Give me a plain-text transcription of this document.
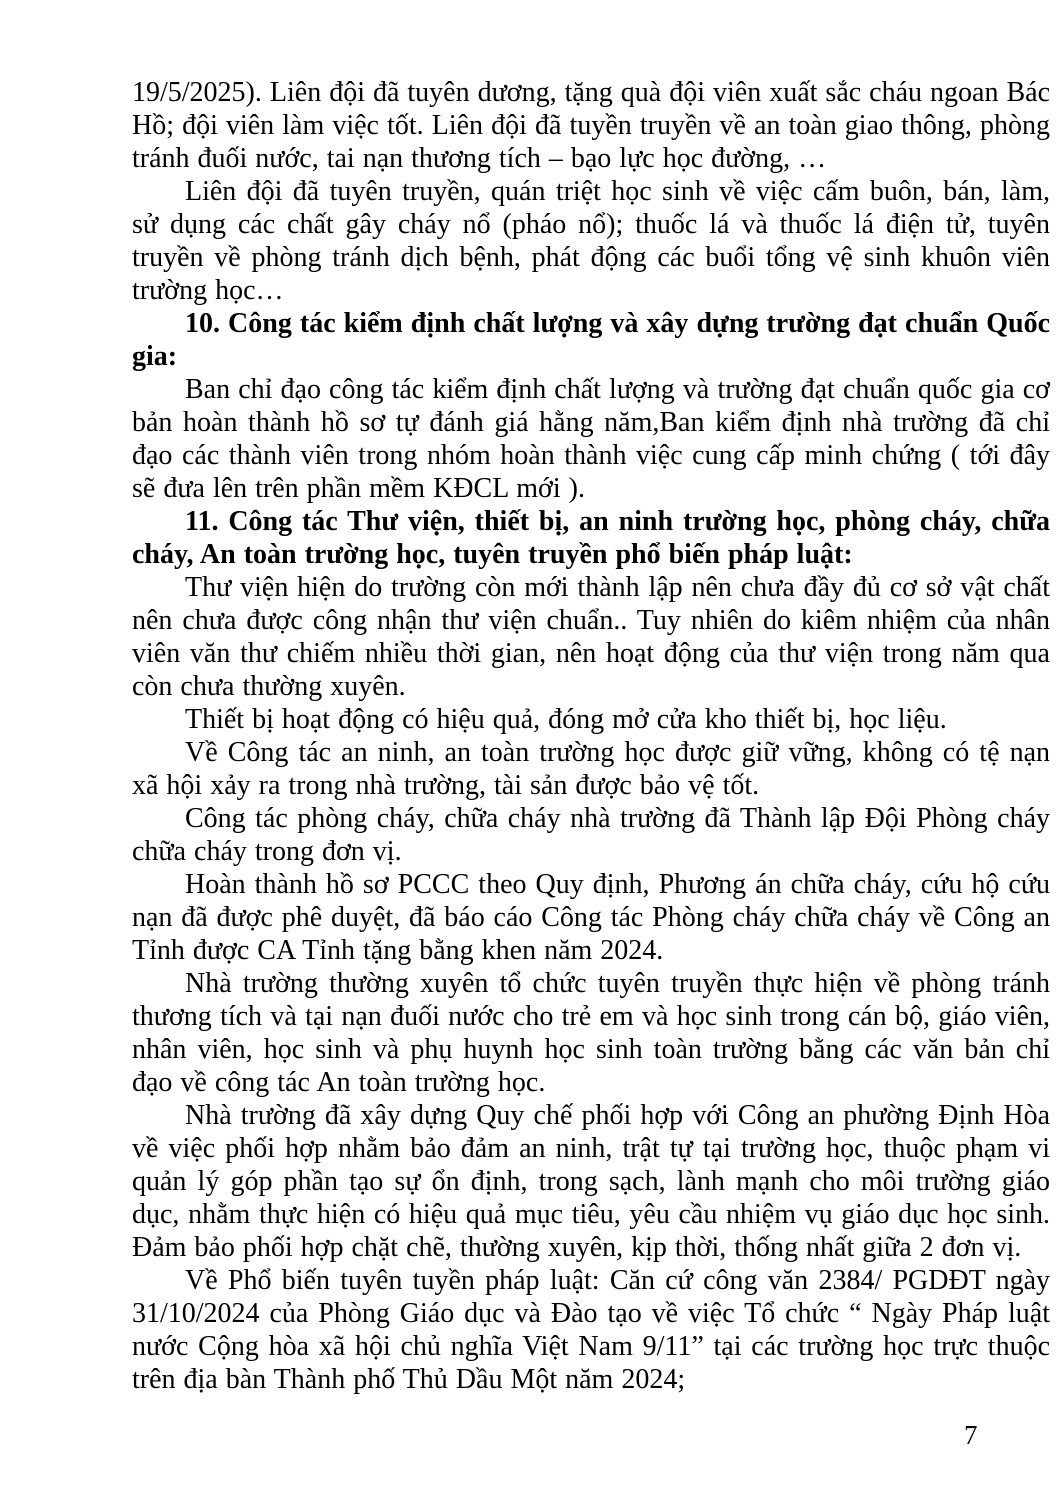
19/5/2025). Liên đội đã tuyên dương, tặng quà đội viên xuất sắc cháu ngoan Bác Hồ; đội viên làm việc tốt. Liên đội đã tuyền truyền về an toàn giao thông, phòng tránh đuối nước, tai nạn thương tích – bạo lực học đường, …

Liên đội đã tuyên truyền, quán triệt học sinh về việc cấm buôn, bán, làm, sử dụng các chất gây cháy nổ (pháo nổ); thuốc lá và thuốc lá điện tử, tuyên truyền về phòng tránh dịch bệnh, phát động các buổi tổng vệ sinh khuôn viên trường học…

10. Công tác kiểm định chất lượng và xây dựng trường đạt chuẩn Quốc gia:

Ban chỉ đạo công tác kiểm định chất lượng và trường đạt chuẩn quốc gia cơ bản hoàn thành hồ sơ tự đánh giá hằng năm,Ban kiểm định nhà trường đã chỉ đạo các thành viên trong nhóm hoàn thành việc cung cấp minh chứng ( tới đây sẽ đưa lên trên phần mềm KĐCL mới ).

11. Công tác Thư viện, thiết bị, an ninh trường học, phòng cháy, chữa cháy, An toàn trường học, tuyên truyền phổ biến pháp luật:

Thư viện hiện do trường còn mới thành lập nên chưa đầy đủ cơ sở vật chất nên chưa được công nhận thư viện chuẩn.. Tuy nhiên do kiêm nhiệm của nhân viên văn thư chiếm nhiều thời gian, nên hoạt động của thư viện trong năm qua còn chưa thường xuyên.

Thiết bị hoạt động có hiệu quả, đóng mở cửa kho thiết bị, học liệu.

Về Công tác an ninh, an toàn trường học được giữ vững, không có tệ nạn xã hội xảy ra trong nhà trường, tài sản được bảo vệ tốt.

Công tác phòng cháy, chữa cháy nhà trường đã Thành lập Đội Phòng cháy chữa cháy trong đơn vị.

Hoàn thành hồ sơ PCCC theo Quy định, Phương án chữa cháy, cứu hộ cứu nạn đã được phê duyệt, đã báo cáo Công tác Phòng cháy chữa cháy về Công an Tỉnh được CA Tỉnh tặng bằng khen năm 2024.

Nhà trường thường xuyên tổ chức tuyên truyền thực hiện về phòng tránh thương tích và tại nạn đuối nước cho trẻ em và học sinh trong cán bộ, giáo viên, nhân viên, học sinh và phụ huynh học sinh toàn trường bằng các văn bản chỉ đạo về công tác An toàn trường học.

Nhà trường đã xây dựng Quy chế phối hợp với Công an phường Định Hòa về việc phối hợp nhằm bảo đảm an ninh, trật tự tại trường học, thuộc phạm vi quản lý góp phần tạo sự ổn định, trong sạch, lành mạnh cho môi trường giáo dục, nhằm thực hiện có hiệu quả mục tiêu, yêu cầu nhiệm vụ giáo dục học sinh. Đảm bảo phối hợp chặt chẽ, thường xuyên, kịp thời, thống nhất giữa 2 đơn vị.

Về Phổ biến tuyên tuyền pháp luật: Căn cứ công văn 2384/ PGDĐT ngày 31/10/2024 của Phòng Giáo dục và Đào tạo về việc Tổ chức “ Ngày Pháp luật nước Cộng hòa xã hội chủ nghĩa Việt Nam 9/11” tại các trường học trực thuộc trên địa bàn Thành phố Thủ Dầu Một năm 2024;

7
